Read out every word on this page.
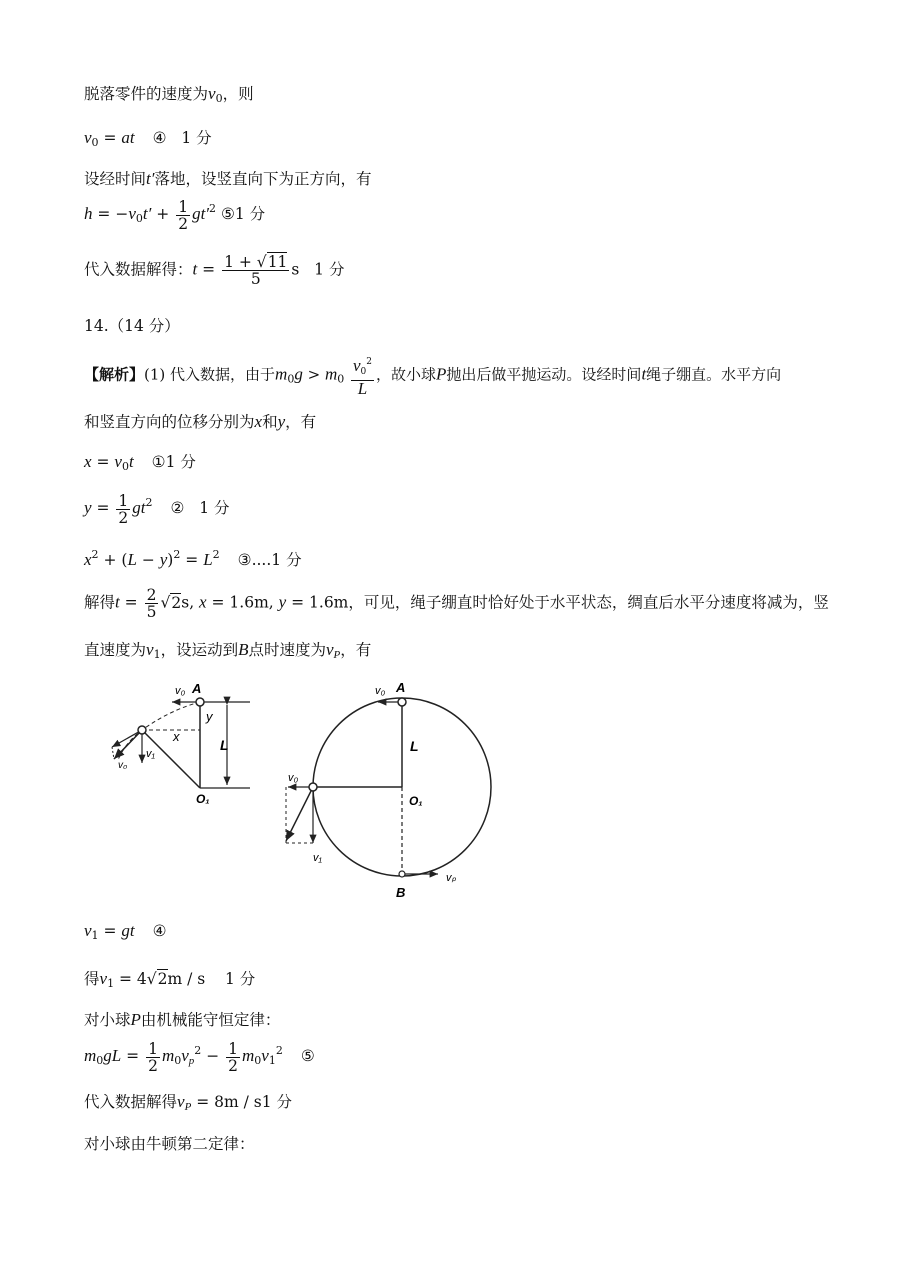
脱落零件的速度为$v_0$，则
$v_0$ = at ④ 1 分
设经时间t′落地，设竖直向下为正方向，有
$h = -v_0t' + \frac{1}{2} gt'^2$ ⑤1 分
代入数据解得：$t = \frac{1 + √11}{5}$ s 1 分
14.（14 分）
【解析】(1) 代入数据，由于$m_0g > m_0 \frac{v_0^2}{L}$ ，故小球P抛出后做平抛运动。设经时间t绳子绷直。水平方向
和竖直方向的位移分别为x和y，有
$x = v_0t$ ①1 分
$y = \frac{1}{2} gt^2$ ② 1 分
$x^2 + (L - y)^2 = L^2$ ③....1 分
解得$t = \frac{2}{5} √2s$, x = 1.6m, y = 1.6m，可见，绳子绷直时恰好处于水平状态，绸直后水平分速度将减为，竖
直速度为$v_1$，设运动到B点时速度为$v_P$，有
v₀ A
y
x
L
v₁
O₁
v₀
v₀ A
L
v₀
O₁
v₁
B
vₚ
$v_1$ = gt ④
得$v_1 = 4√2m / s$    1 分
对小球P由机械能守恒定律：
$m_0gL = \frac{1}{2} m_0v_p^2 - \frac{1}{2} m_0v_1^2$ ⑤
代入数据解得$v_P = 8m / s1$ 分
对小球由牛顿第二定律：
